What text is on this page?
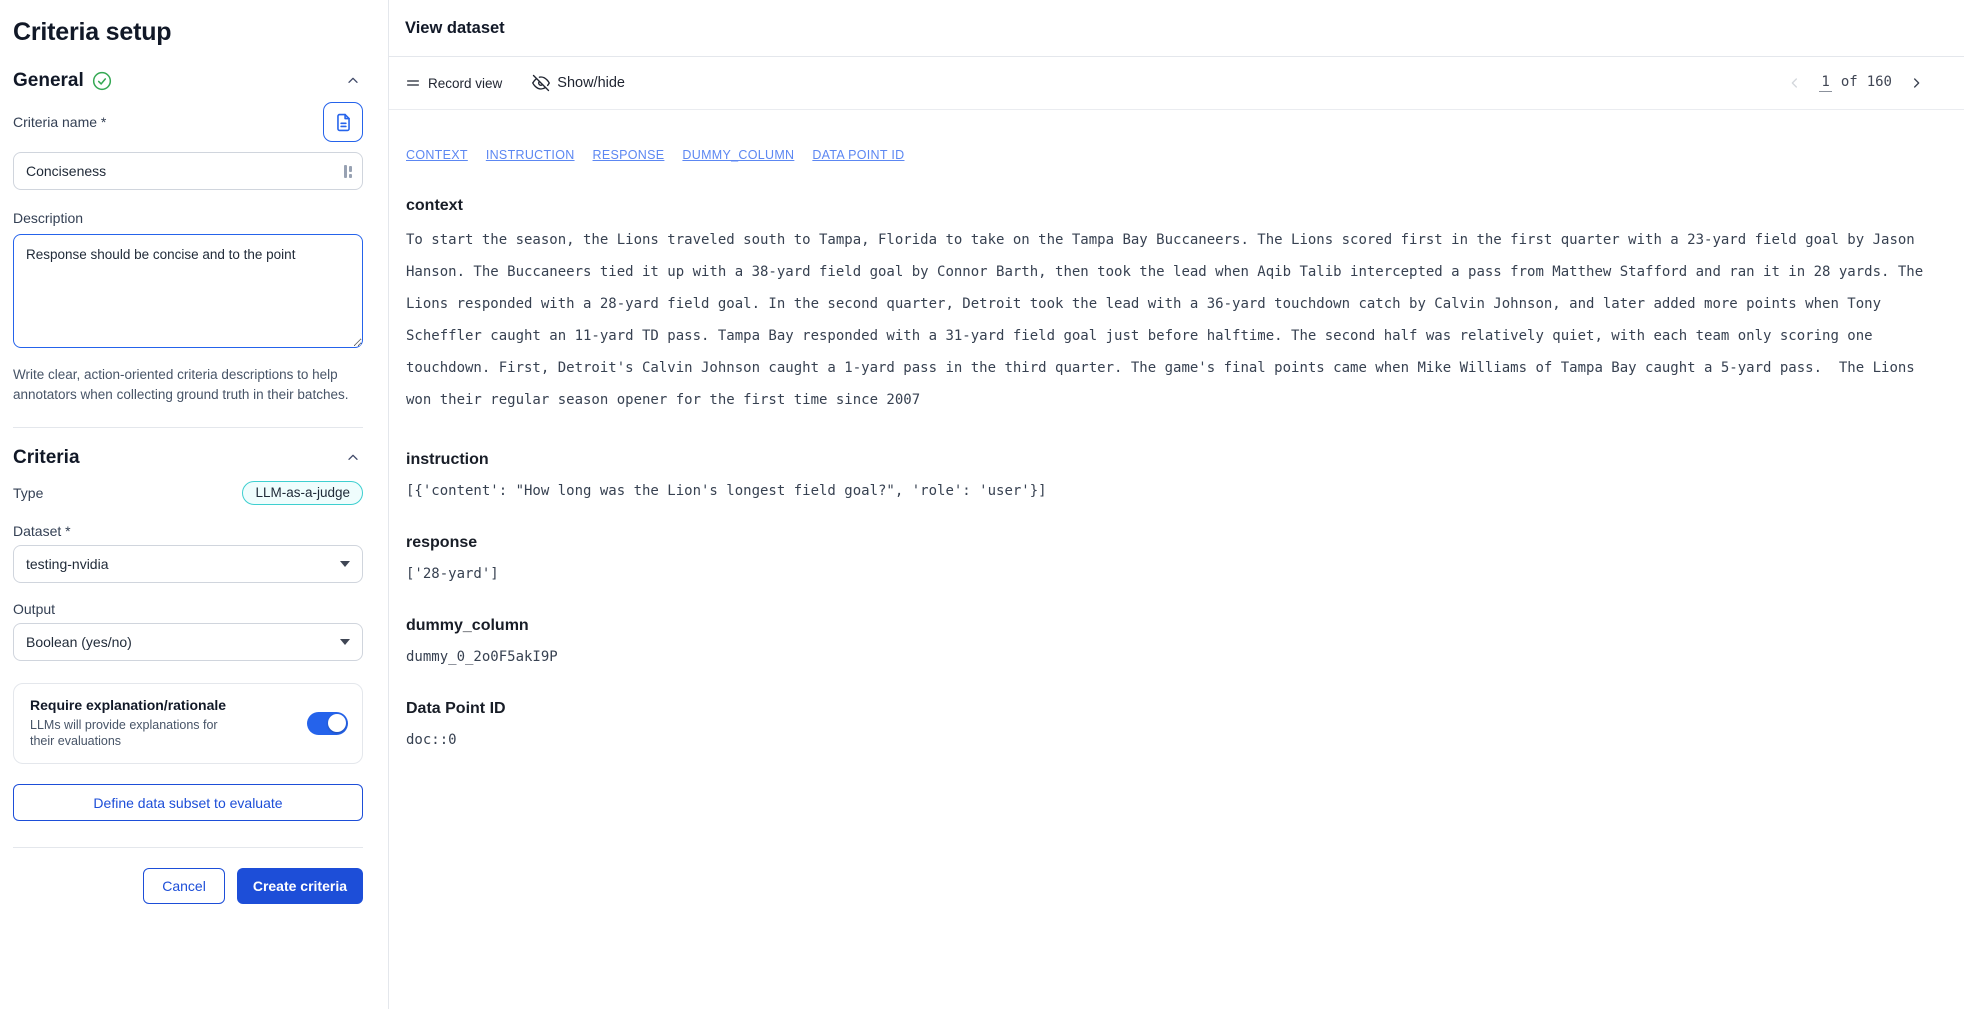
Criteria setup
General
Criteria name *
Conciseness
Description
Response should be concise and to the point
Write clear, action-oriented criteria descriptions to help annotators when collecting ground truth in their batches.
Criteria
Type	LLM-as-a-judge
Dataset *
testing-nvidia
Output
Boolean (yes/no)
Require explanation/rationale
LLMs will provide explanations for their evaluations
Define data subset to evaluate
Cancel	Create criteria
View dataset
Record view	Show/hide	1 of 160
CONTEXT INSTRUCTION RESPONSE DUMMY_COLUMN DATA POINT ID
context
To start the season, the Lions traveled south to Tampa, Florida to take on the Tampa Bay Buccaneers. The Lions scored first in the first quarter with a 23-yard field goal by Jason Hanson. The Buccaneers tied it up with a 38-yard field goal by Connor Barth, then took the lead when Aqib Talib intercepted a pass from Matthew Stafford and ran it in 28 yards. The Lions responded with a 28-yard field goal. In the second quarter, Detroit took the lead with a 36-yard touchdown catch by Calvin Johnson, and later added more points when Tony Scheffler caught an 11-yard TD pass. Tampa Bay responded with a 31-yard field goal just before halftime. The second half was relatively quiet, with each team only scoring one touchdown. First, Detroit's Calvin Johnson caught a 1-yard pass in the third quarter. The game's final points came when Mike Williams of Tampa Bay caught a 5-yard pass.  The Lions won their regular season opener for the first time since 2007
instruction
[{'content': "How long was the Lion's longest field goal?", 'role': 'user'}]
response
['28-yard']
dummy_column
dummy_0_2o0F5akI9P
Data Point ID
doc::0
